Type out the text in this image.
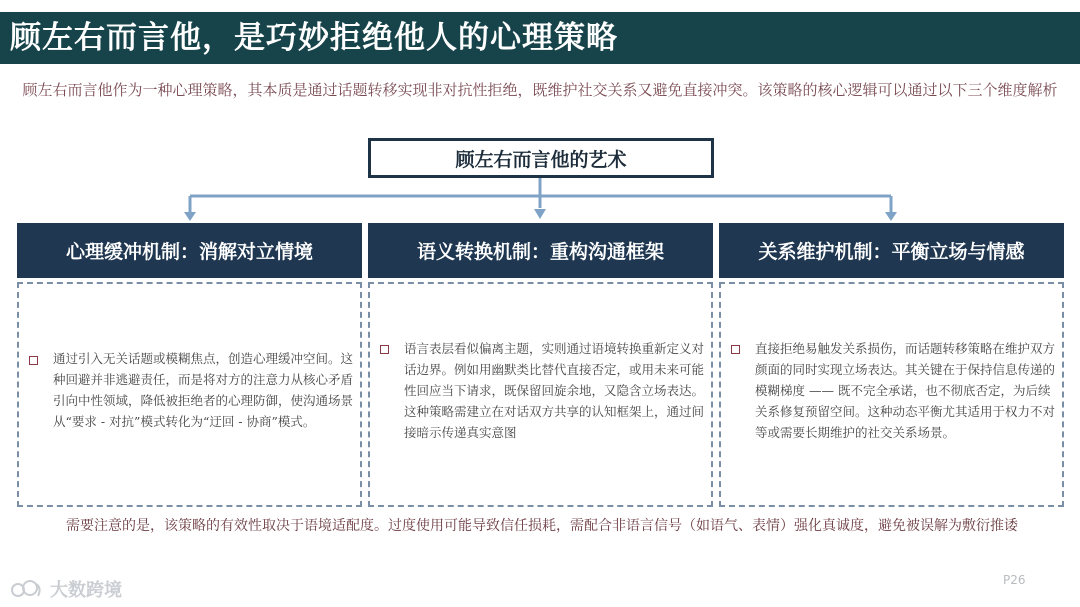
顾左右而言他，是巧妙拒绝他人的心理策略
顾左右而言他作为一种心理策略，其本质是通过话题转移实现非对抗性拒绝，既维护社交关系又避免直接冲突。该策略的核心逻辑可以通过以下三个维度解析
顾左右而言他的艺术
心理缓冲机制：消解对立情境
通过引入无关话题或模糊焦点，创造心理缓冲空间。这种回避并非逃避责任，而是将对方的注意力从核心矛盾引向中性领域，降低被拒绝者的心理防御，使沟通场景从“要求 - 对抗”模式转化为“迂回 - 协商”模式。
语义转换机制：重构沟通框架
语言表层看似偏离主题，实则通过语境转换重新定义对话边界。例如用幽默类比替代直接否定，或用未来可能性回应当下请求，既保留回旋余地，又隐含立场表达。这种策略需建立在对话双方共享的认知框架上，通过间接暗示传递真实意图
关系维护机制：平衡立场与情感
直接拒绝易触发关系损伤，而话题转移策略在维护双方颜面的同时实现立场表达。其关键在于保持信息传递的模糊梯度 —— 既不完全承诺，也不彻底否定，为后续关系修复预留空间。这种动态平衡尤其适用于权力不对等或需要长期维护的社交关系场景。
需要注意的是，该策略的有效性取决于语境适配度。过度使用可能导致信任损耗，需配合非语言信号（如语气、表情）强化真诚度，避免被误解为敷衍推诿
大数跨境	P26
